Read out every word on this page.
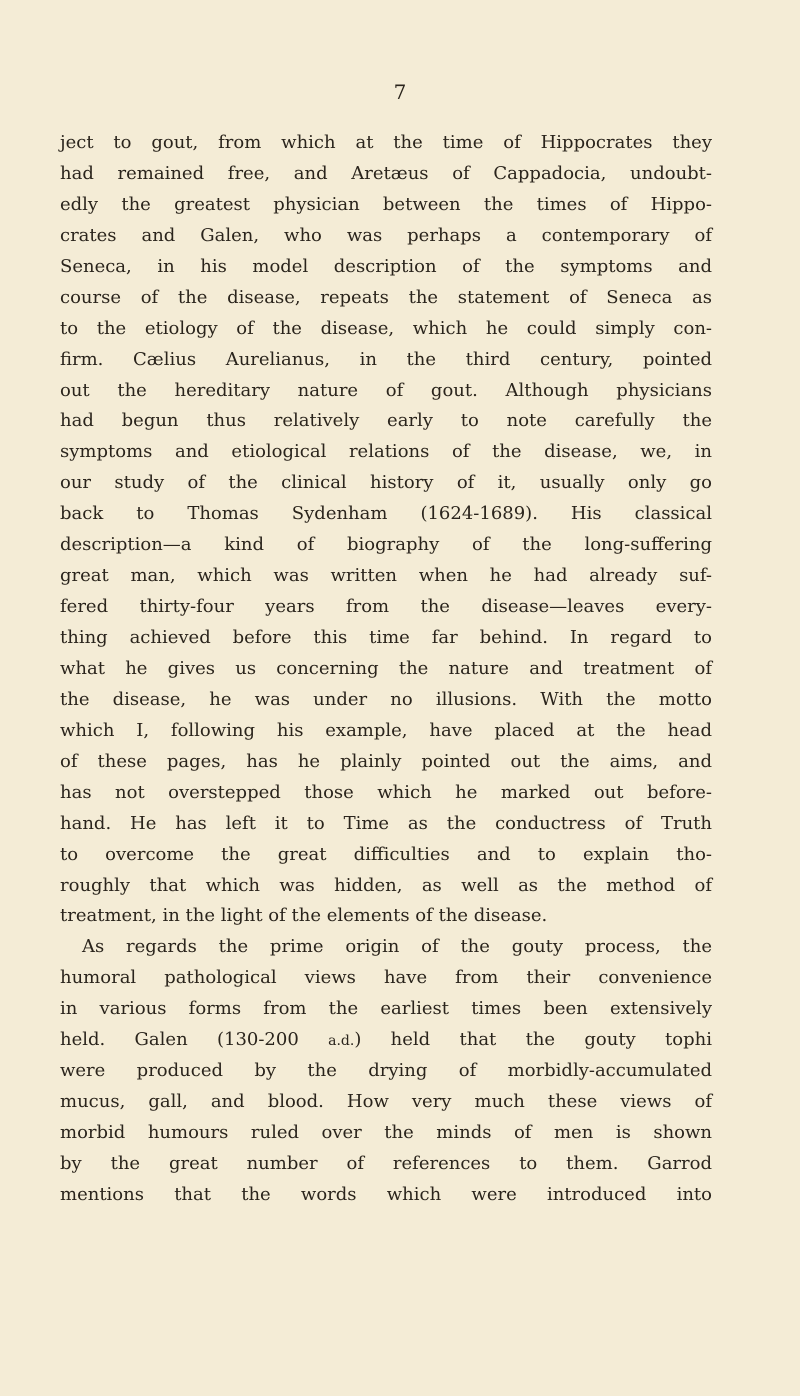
7
ject to gout, from which at the time of Hippocrates they
had remained free, and Aretæus of Cappadocia, undoubt-
edly the greatest physician between the times of Hippo-
crates and Galen, who was perhaps a contemporary of
Seneca, in his model description of the symptoms and
course of the disease, repeats the statement of Seneca as
to the etiology of the disease, which he could simply con-
firm. Cælius Aurelianus, in the third century, pointed
out the hereditary nature of gout. Although physicians
had begun thus relatively early to note carefully the
symptoms and etiological relations of the disease, we, in
our study of the clinical history of it, usually only go
back to Thomas Sydenham (1624-1689). His classical
description—a kind of biography of the long-suffering
great man, which was written when he had already suf-
fered thirty-four years from the disease—leaves every-
thing achieved before this time far behind. In regard to
what he gives us concerning the nature and treatment of
the disease, he was under no illusions. With the motto
which I, following his example, have placed at the head
of these pages, has he plainly pointed out the aims, and
has not overstepped those which he marked out before-
hand. He has left it to Time as the conductress of Truth
to overcome the great difficulties and to explain tho-
roughly that which was hidden, as well as the method of
treatment, in the light of the elements of the disease.
As regards the prime origin of the gouty process, the
humoral pathological views have from their convenience
in various forms from the earliest times been extensively
held. Galen (130-200 a.d.) held that the gouty tophi
were produced by the drying of morbidly-accumulated
mucus, gall, and blood. How very much these views of
morbid humours ruled over the minds of men is shown
by the great number of references to them. Garrod
mentions that the words which were introduced into
